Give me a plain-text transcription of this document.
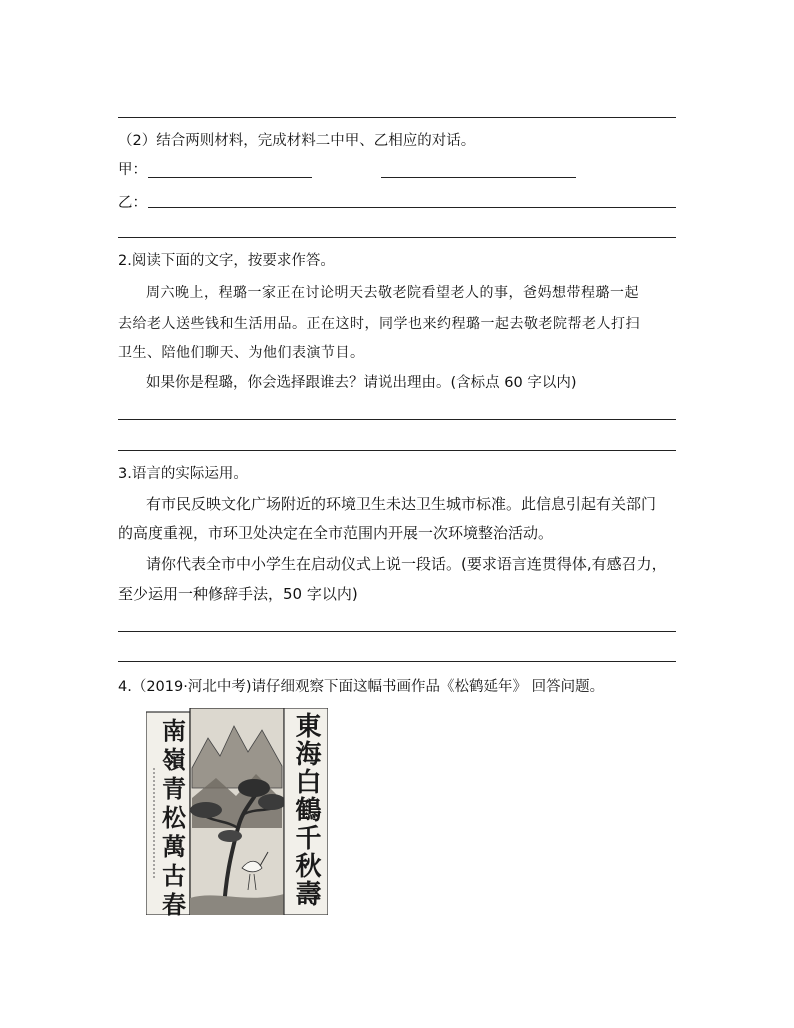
（2）结合两则材料，完成材料二中甲、乙相应的对话。
甲：
乙：
2.阅读下面的文字，按要求作答。
周六晚上，程璐一家正在讨论明天去敬老院看望老人的事，爸妈想带程璐一起
去给老人送些钱和生活用品。正在这时，同学也来约程璐一起去敬老院帮老人打扫
卫生、陪他们聊天、为他们表演节目。
如果你是程璐，你会选择跟谁去？请说出理由。(含标点 60 字以内)
3.语言的实际运用。
有市民反映文化广场附近的环境卫生未达卫生城市标准。此信息引起有关部门
的高度重视，市环卫处决定在全市范围内开展一次环境整治活动。
请你代表全市中小学生在启动仪式上说一段话。(要求语言连贯得体,有感召力，
至少运用一种修辞手法，50 字以内)
4.（2019·河北中考)请仔细观察下面这幅书画作品《松鹤延年》 回答问题。
南嶺青松萬古春	東海白鶴千秋壽
